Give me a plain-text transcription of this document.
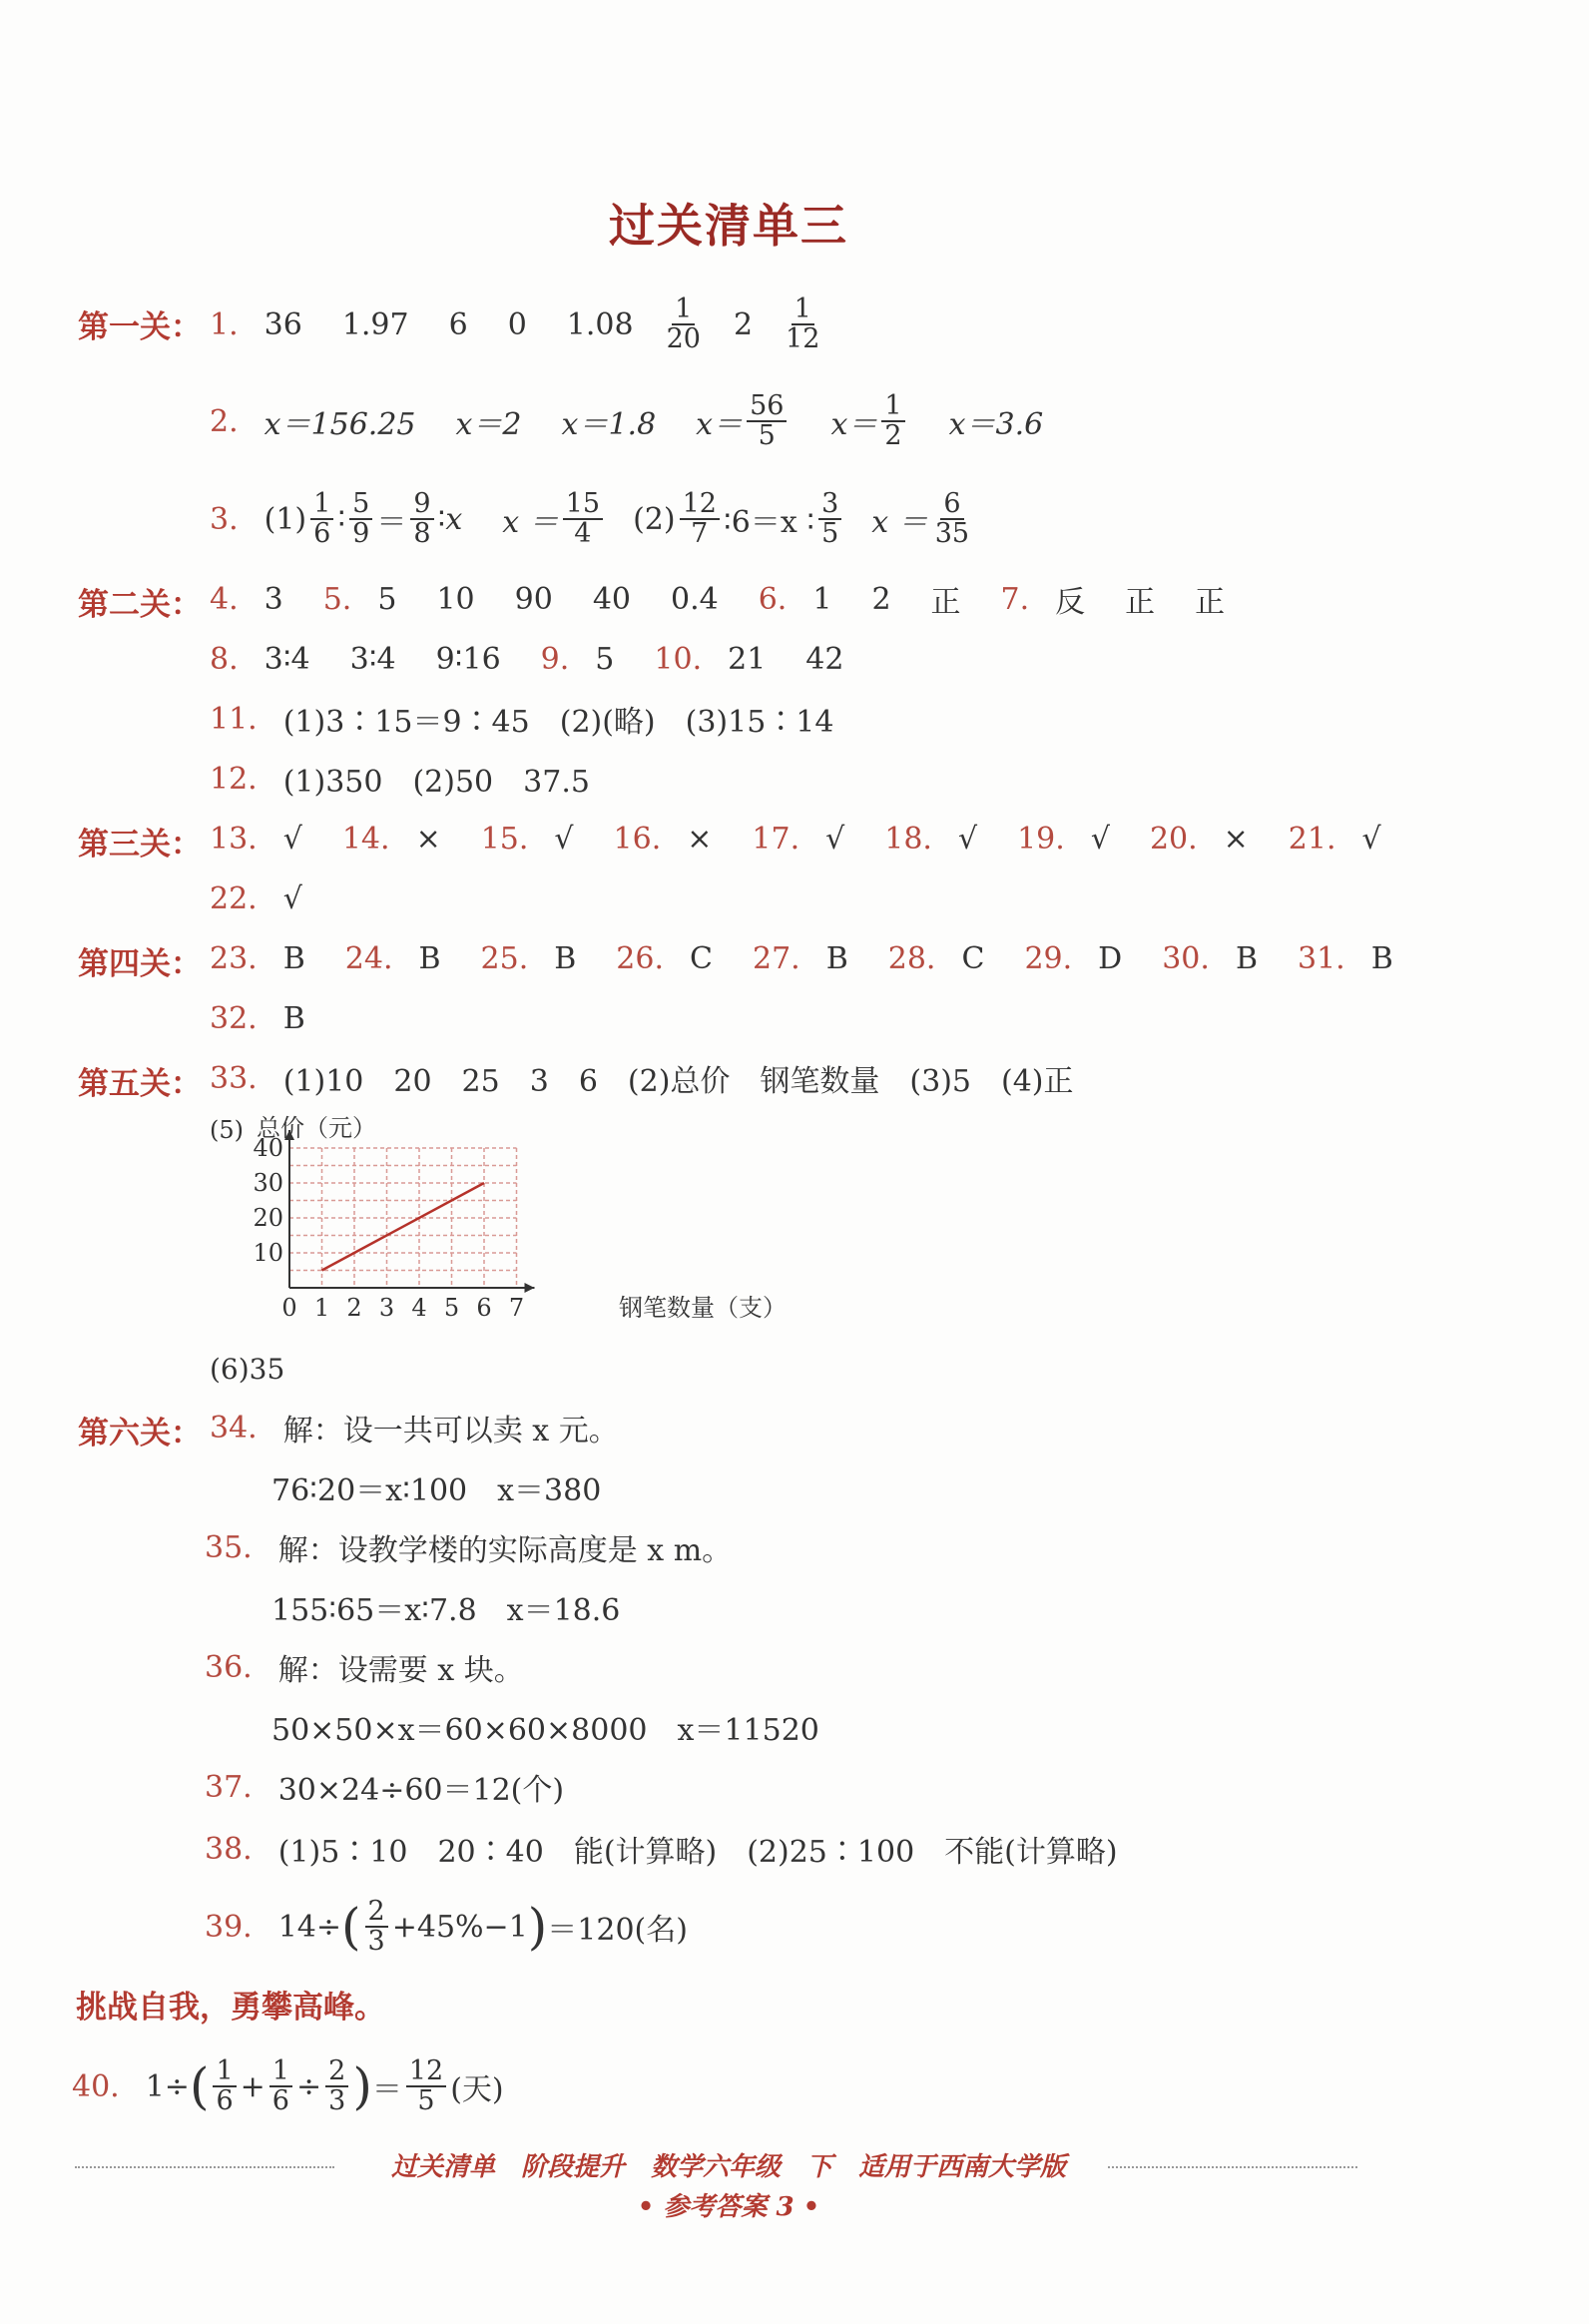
过关清单三
第一关： 1. 36 1.97 6 0 $1.08 \frac{1}{20} 2 \frac{1}{12}$
2. x＝156.25 x＝2 x＝1.8 $x= \frac{56}{5} x= \frac{1}{2} x=3.6$
3. $(1) \frac{1}{6}$ ∶ $\frac{5}{9} = \frac{9}{8}$ ∶ x $x = \frac{15}{4} (2) \frac{12}{7}$ ∶6＝x ∶ $\frac{3}{5}$ $x = \frac{6}{35}$
第二关： 4. 3 5. 5 10 90 40 0.4 6. 1 2 正 7. 反 正 正
8. 3∶4 3∶4 9∶16 9. 5 10. 21 42
11. (1)3∶15＝9∶45　(2)(略)　(3)15∶14
12. (1)350　(2)50　37.5
第三关： 13. √ 14. × 15. √ 16. × 17. √ 18. √ 19. √ 20. × 21. √
22. √
第四关： 23. B 24. B 25. B 26. C 27. B 28. C 29. D 30. B 31. B
32. B
第五关： 33. (1)10　20　25　3　6　(2)总价　钢笔数量　(3)5　(4)正
(5)
0 1 2 3 4 5 6 7
10
20
30
40
总价（元）
钢笔数量（支）
(6)35
第六关： 34. 解：设一共可以卖 x 元。
76∶20＝x∶100　x＝380
35. 解：设教学楼的实际高度是 x m。
155∶65＝x∶7.8　x＝18.6
36. 解：设需要 x 块。
50×50×x＝60×60×8000　x＝11520
37. 30×24÷60＝12(个)
38. (1)5∶10　20∶40　能(计算略)　(2)25∶100　不能(计算略)
39. 14÷ ( $\frac{2}{3} +45\%-1$ ) ＝120(名)
挑战自我，勇攀高峰。
40. 1÷ ( $\frac{1}{6} + \frac{1}{6} \div \frac{2}{3}$ ) ＝ $\frac{12}{5}$ (天)
过关清单　阶段提升　数学六年级　下　适用于西南大学版
• 参考答案 3 •
